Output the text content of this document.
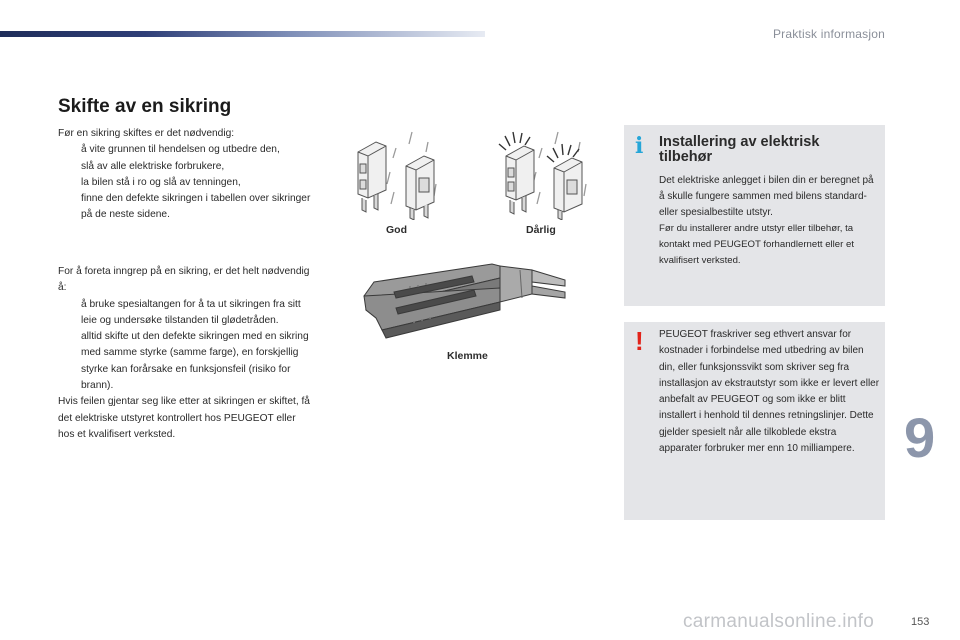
Praktisk informasjon
Skifte av en sikring

Før en sikring skiftes er det nødvendig:

å vite grunnen til hendelsen og utbedre den,
slå av alle elektriske forbrukere,
la bilen stå i ro og slå av tenningen,
finne den defekte sikringen i tabellen over sikringer på de neste sidene.

For å foreta inngrep på en sikring, er det helt nødvendig å:

å bruke spesialtangen for å ta ut sikringen fra sitt leie og undersøke tilstanden til glødetråden.
alltid skifte ut den defekte sikringen med en sikring med samme styrke (samme farge), en forskjellig styrke kan forårsake en funksjonsfeil (risiko for brann).

Hvis feilen gjentar seg like etter at sikringen er skiftet, få det elektriske utstyret kontrollert hos PEUGEOT eller hos et kvalifisert verksted.

God	Dårlig
Klemme
i Installering av elektrisk tilbehør

Det elektriske anlegget i bilen din er beregnet på å skulle fungere sammen med bilens standard- eller spesialbestilte utstyr.

Før du installerer andre utstyr eller tilbehør, ta kontakt med PEUGEOT forhandlernett eller et kvalifisert verksted.

! PEUGEOT fraskriver seg ethvert ansvar for kostnader i forbindelse med utbedring av bilen din, eller funksjonssvikt som skriver seg fra installasjon av ekstrautstyr som ikke er levert eller anbefalt av PEUGEOT og som ikke er blitt installert i henhold til dennes retningslinjer. Dette gjelder spesielt når alle tilkoblede ekstra apparater forbruker mer enn 10 milliampere. 9
153
carmanualsonline.info
